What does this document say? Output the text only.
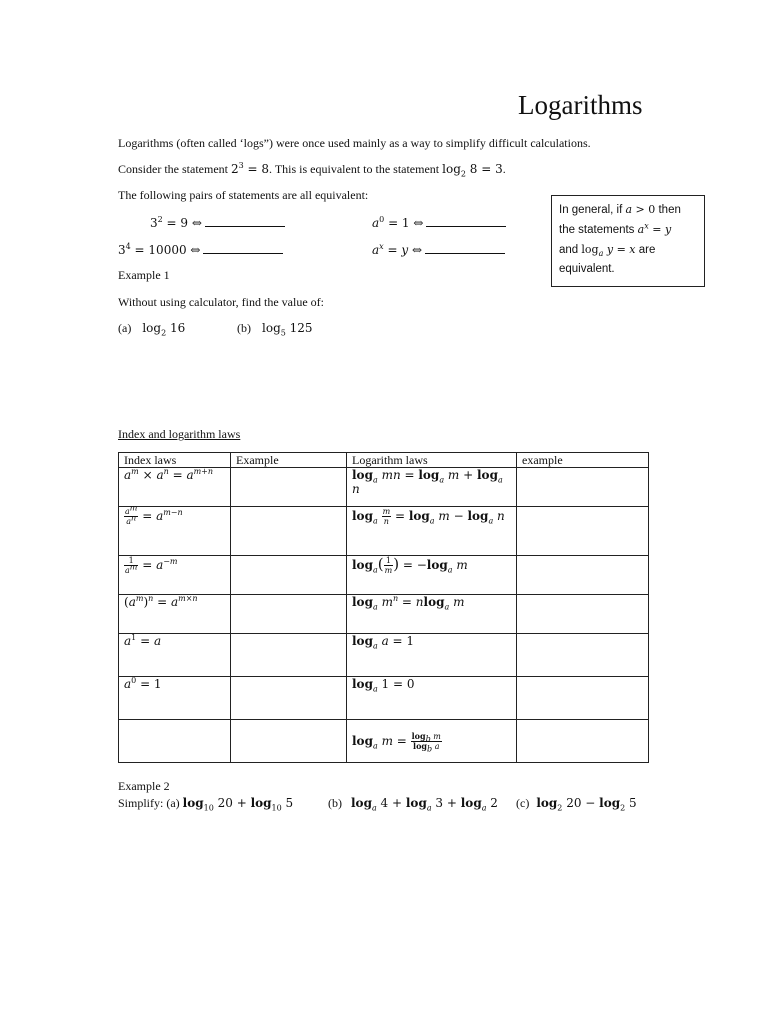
Logarithms
Logarithms (often called ‘logs”) were once used mainly as a way to simplify difficult calculations.
Consider the statement $2^3 = 8$. This is equivalent to the statement $\log_2 8 = 3$.
The following pairs of statements are all equivalent:
$3^2 = 9$ ⇔	$a^0 = 1$ ⇔
$3^4 = 10000$ ⇔	$a^x = y$ ⇔
In general, if a > 0 then
the statements $a^x = y$
and $\log_a y = x$ are
equivalent.
Example 1
Without using calculator, find the value of:
(a) $\log_2 16$	(b) $\log_5 125$
Index and logarithm laws
Index laws	Example	Logarithm laws	example
$a^m \times a^n = a^{m+n}$		$\log_a$ mn = $\log_a m + \log_a n$	

$\frac{a^m}{a^n} = a^{m-n}$		$\log_a \frac{m}{n} = \log_a m - \log_a n$	

$\frac{1}{a^m} = a^{-m}$		$\log_a( \frac{1}{m}$ ) = $-\log_a$ m	
$(a^m)^n = a^{m\times n}$		$\log_a m^n = nlog_a$ m	
$a^1 = a$		$\log_a a = 1$	
$a^0 = 1$		$\log_a 1 = 0$	
		$\log_a m = \frac{\log_b m}{\log_b a}$

Example 2
Simplify: (a) $\log_{10} 20 + \log_{10} 5$	(b) $\log_a 4 + \log_a 3 + \log_a 2$ (c) $\log_2 20 - \log_2 5$
